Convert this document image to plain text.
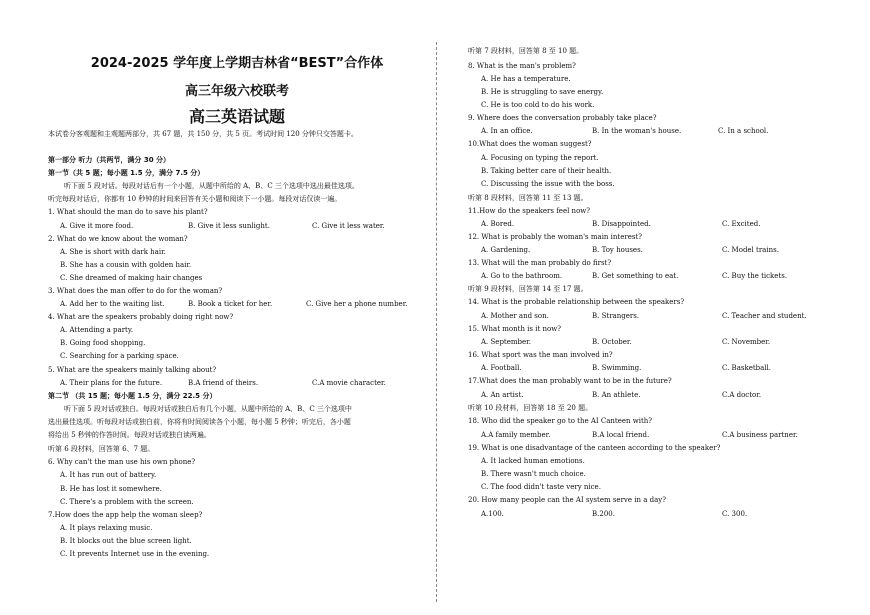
2024-2025 学年度上学期吉林省“BEST”合作体
高三年级六校联考
高三英语试题
本试卷分客观题和主观题两部分，共 67 题，共 150 分，共 5 页。考试时间 120 分钟只交答题卡。
第一部分 听力（共两节，满分 30 分）
第一节（共 5 题；每小题 1.5 分，满分 7.5 分）
听下面 5 段对话。每段对话后有一个小题，从题中所给的 A、B、C 三个选项中选出最佳选项。
听完每段对话后，你都有 10 秒钟的时间来回答有关小题和阅读下一小题。每段对话仅读一遍。
1. What should the man do to save his plant?
A. Give it more food.	B. Give it less sunlight.	C. Give it less water.
2. What do we know about the woman?
A. She is short with dark hair.
B. She has a cousin with golden hair.
C. She dreamed of making hair changes
3. What does the man offer to do for the woman?
A. Add her to the waiting list.	B. Book a ticket for her.	C. Give her a phone number.
4. What are the speakers probably doing right now?
A. Attending a party.
B. Going food shopping.
C. Searching for a parking space.
5. What are the speakers mainly talking about?
A. Their plans for the future.	B.A friend of theirs.	C.A movie character.
第二节 （共 15 题；每小题 1.5 分，满分 22.5 分）
听下面 5 段对话或独白。每段对话或独白后有几个小题，从题中所给的 A、B、C 三个选项中
选出最佳选项。听每段对话或独白前，你将有时间阅读各个小题，每小题 5 秒钟；听完后，各小题
将给出 5 秒钟的作答时间。每段对话或独白读两遍。
听第 6 段材料，回答第 6、7 题。
6. Why can't the man use his own phone?
A. It has run out of battery.
B. He has lost it somewhere.
C. There's a problem with the screen.
7.How does the app help the woman sleep?
A. It plays relaxing music.
B. It blocks out the blue screen light.
C. It prevents Internet use in the evening.
听第 7 段材料，回答第 8 至 10 题。
8. What is the man's problem?
A. He has a temperature.
B. He is struggling to save energy.
C. He is too cold to do his work.
9. Where does the conversation probably take place?
A. In an office.	B. In the woman's house.	C. In a school.
10.What does the woman suggest?
A. Focusing on typing the report.
B. Taking better care of their health.
C. Discussing the issue with the boss.
听第 8 段材料，回答第 11 至 13 题。
11.How do the speakers feel now?
A. Bored.	B. Disappointed.	C. Excited.
12. What is probably the woman's main interest?
A. Gardening.	B. Toy houses.	C. Model trains.
13. What will the man probably do first?
A. Go to the bathroom.	B. Get something to eat.	C. Buy the tickets.
听第 9 段材料，回答第 14 至 17 题。
14. What is the probable relationship between the speakers?
A. Mother and son.	B. Strangers.	C. Teacher and student.
15. What month is it now?
A. September.	B. October.	C. November.
16. What sport was the man involved in?
A. Football.	B. Swimming.	C. Basketball.
17.What does the man probably want to be in the future?
A. An artist.	B. An athlete.	C.A doctor.
听第 10 段材料，回答第 18 至 20 题。
18. Who did the speaker go to the AI Canteen with?
A.A family member.	B.A local friend.	C.A business partner.
19. What is one disadvantage of the canteen according to the speaker?
A. It lacked human emotions.
B. There wasn't much choice.
C. The food didn't taste very nice.
20. How many people can the AI system serve in a day?
A.100.	B.200.	C. 300.
